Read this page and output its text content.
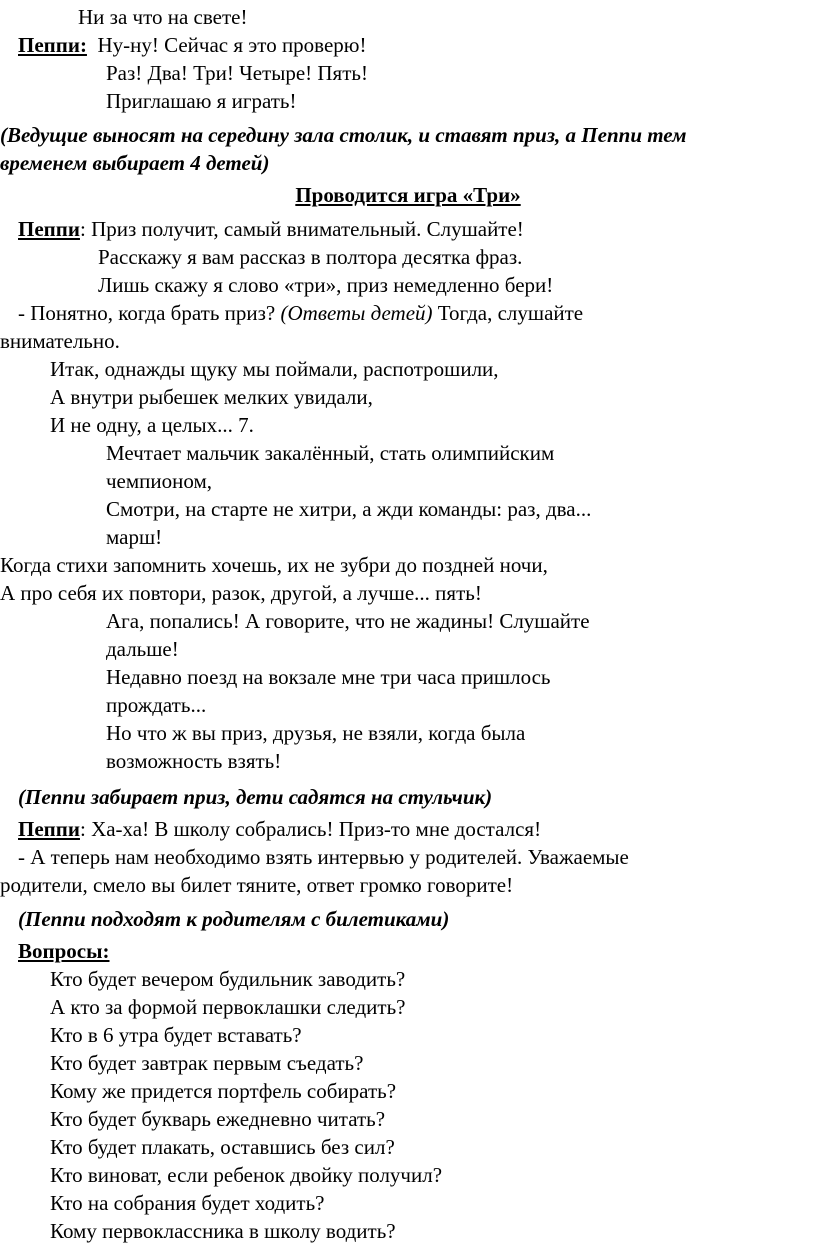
Ни за что на свете!
Пеппи: Ну-ну! Сейчас я это проверю!
Раз! Два! Три! Четыре! Пять!
Приглашаю я играть!
(Ведущие выносят на середину зала столик, и ставят приз, а Пеппи тем
временем выбирает 4 детей)
Проводится игра «Три»
Пеппи: Приз получит, самый внимательный. Слушайте!
Расскажу я вам рассказ в полтора десятка фраз.
Лишь скажу я слово «три», приз немедленно бери!
- Понятно, когда брать приз? (Ответы детей) Тогда, слушайте
внимательно.
Итак, однажды щуку мы поймали, распотрошили,
А внутри рыбешек мелких увидали,
И не одну, а целых... 7.
Мечтает мальчик закалённый, стать олимпийским
чемпионом,
Смотри, на старте не хитри, а жди команды: раз, два...
марш!
Когда стихи запомнить хочешь, их не зубри до поздней ночи,
А про себя их повтори, разок, другой, а лучше... пять!
Ага, попались! А говорите, что не жадины! Слушайте
дальше!
Недавно поезд на вокзале мне три часа пришлось
прождать...
Но что ж вы приз, друзья, не взяли, когда была
возможность взять!
(Пеппи забирает приз, дети садятся на стульчик)
Пеппи: Ха-ха! В школу собрались! Приз-то мне достался!
- А теперь нам необходимо взять интервью у родителей. Уважаемые
родители, смело вы билет тяните, ответ громко говорите!
(Пеппи подходят к родителям с билетиками)
Вопросы:
Кто будет вечером будильник заводить?
А кто за формой первоклашки следить?
Кто в 6 утра будет вставать?
Кто будет завтрак первым съедать?
Кому же придется портфель собирать?
Кто будет букварь ежедневно читать?
Кто будет плакать, оставшись без сил?
Кто виноват, если ребенок двойку получил?
Кто на собрания будет ходить?
Кому первоклассника в школу водить?
